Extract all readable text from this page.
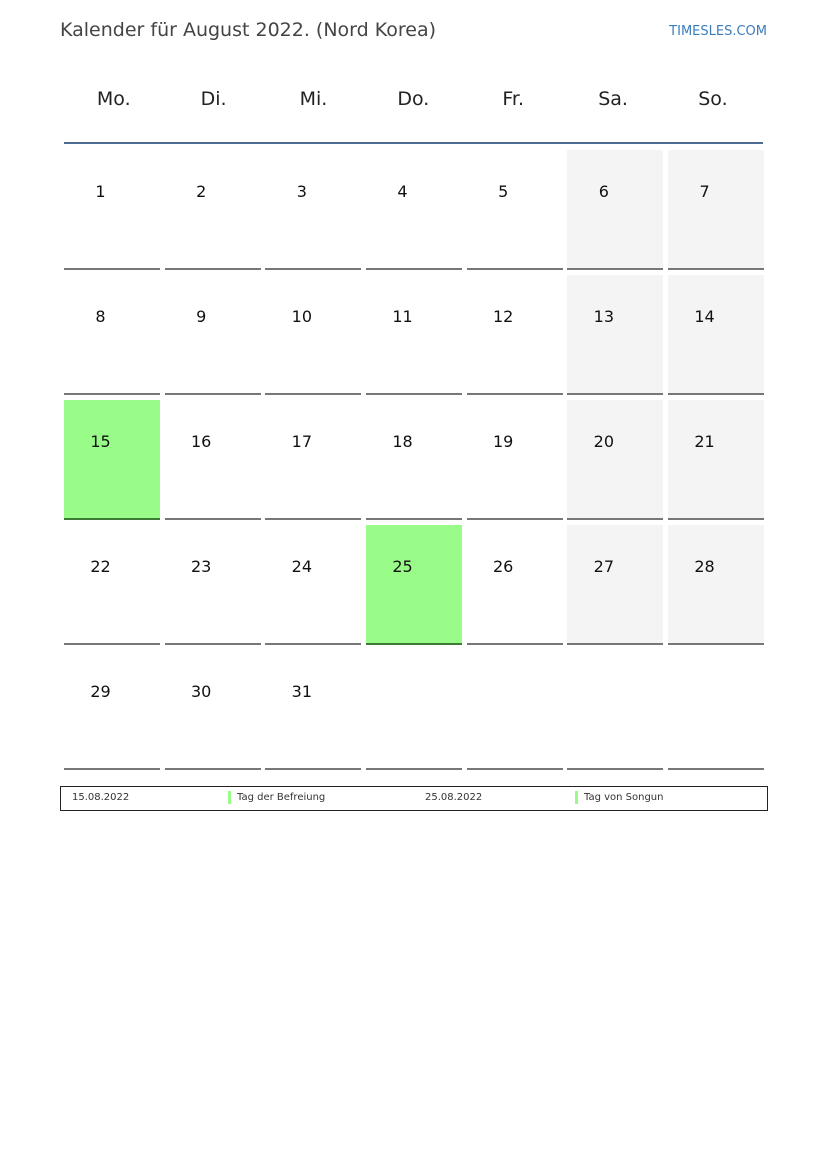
Kalender für August 2022. (Nord Korea)	TIMESLES.COM
Mo.	Di.	Mi.	Do.	Fr.	Sa.	So.
1	2	3	4	5	6	7
8	9	10	11	12	13	14
15	16	17	18	19	20	21
22	23	24	25	26	27	28
29	30	31
15.08.2022	Tag der Befreiung	25.08.2022	Tag von Songun
